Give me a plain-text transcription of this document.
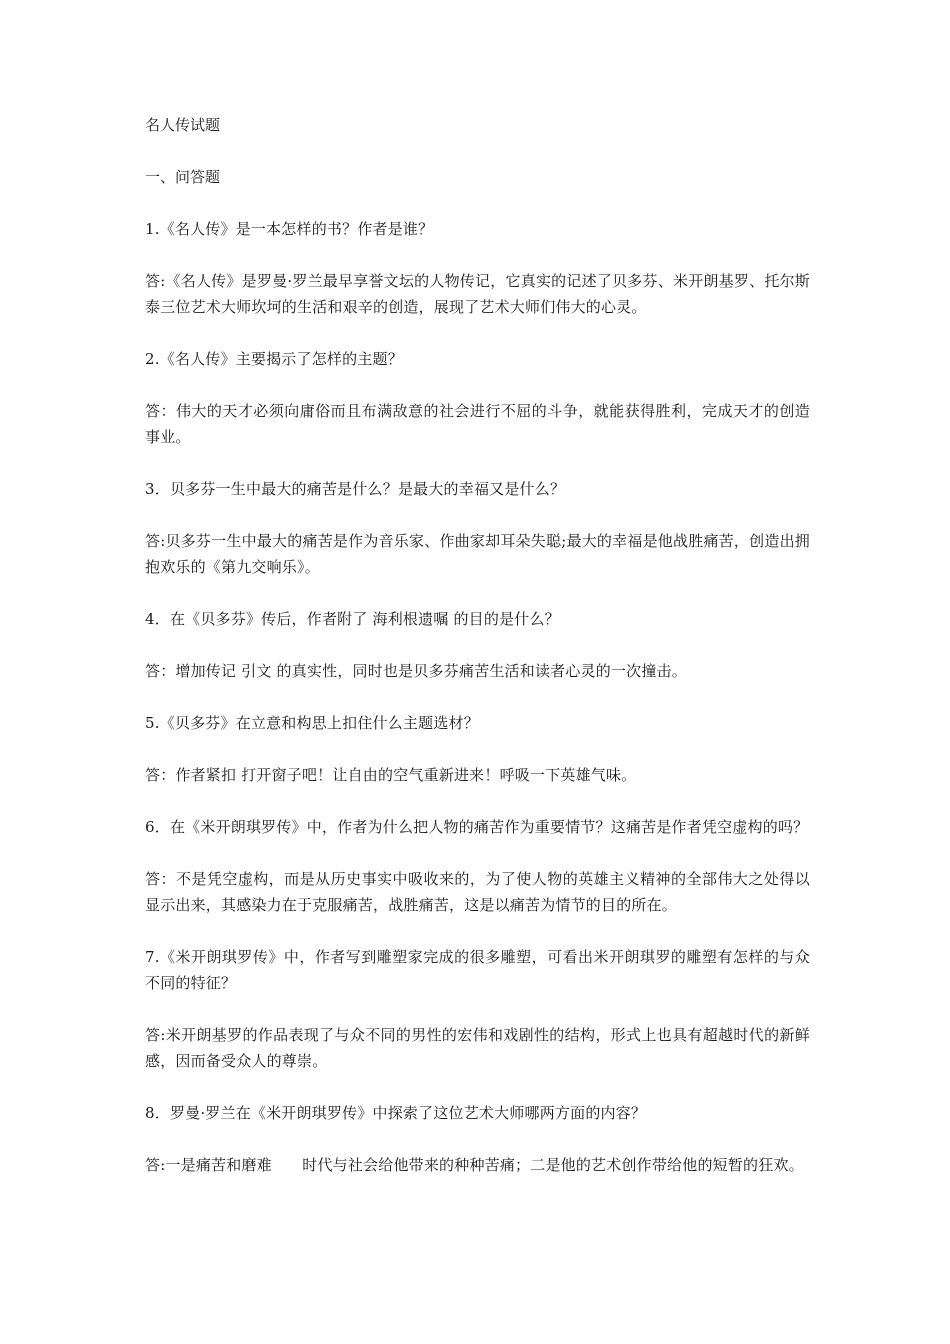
名人传试题

一、问答题

1.《名人传》是一本怎样的书？作者是谁？

答:《名人传》是罗曼·罗兰最早享誉文坛的人物传记，它真实的记述了贝多芬、米开朗基罗、托尔斯泰三位艺术大师坎坷的生活和艰辛的创造，展现了艺术大师们伟大的心灵。

2.《名人传》主要揭示了怎样的主题？

答：伟大的天才必须向庸俗而且布满敌意的社会进行不屈的斗争，就能获得胜利，完成天才的创造事业。

3．贝多芬一生中最大的痛苦是什么？是最大的幸福又是什么？

答:贝多芬一生中最大的痛苦是作为音乐家、作曲家却耳朵失聪;最大的幸福是他战胜痛苦，创造出拥抱欢乐的《第九交响乐》。

4．在《贝多芬》传后，作者附了 海利根遗嘱 的目的是什么？

答：增加传记 引文 的真实性，同时也是贝多芬痛苦生活和读者心灵的一次撞击。

5.《贝多芬》在立意和构思上扣住什么主题选材？

答：作者紧扣 打开窗子吧！让自由的空气重新进来！呼吸一下英雄气味。

6．在《米开朗琪罗传》中，作者为什么把人物的痛苦作为重要情节？这痛苦是作者凭空虚构的吗？

答：不是凭空虚构，而是从历史事实中吸收来的，为了使人物的英雄主义精神的全部伟大之处得以显示出来，其感染力在于克服痛苦，战胜痛苦，这是以痛苦为情节的目的所在。

7.《米开朗琪罗传》中，作者写到雕塑家完成的很多雕塑，可看出米开朗琪罗的雕塑有怎样的与众不同的特征？

答:米开朗基罗的作品表现了与众不同的男性的宏伟和戏剧性的结构，形式上也具有超越时代的新鲜感，因而备受众人的尊崇。

8．罗曼·罗兰在《米开朗琪罗传》中探索了这位艺术大师哪两方面的内容？

答:一是痛苦和磨难　　时代与社会给他带来的种种苦痛；二是他的艺术创作带给他的短暂的狂欢。
